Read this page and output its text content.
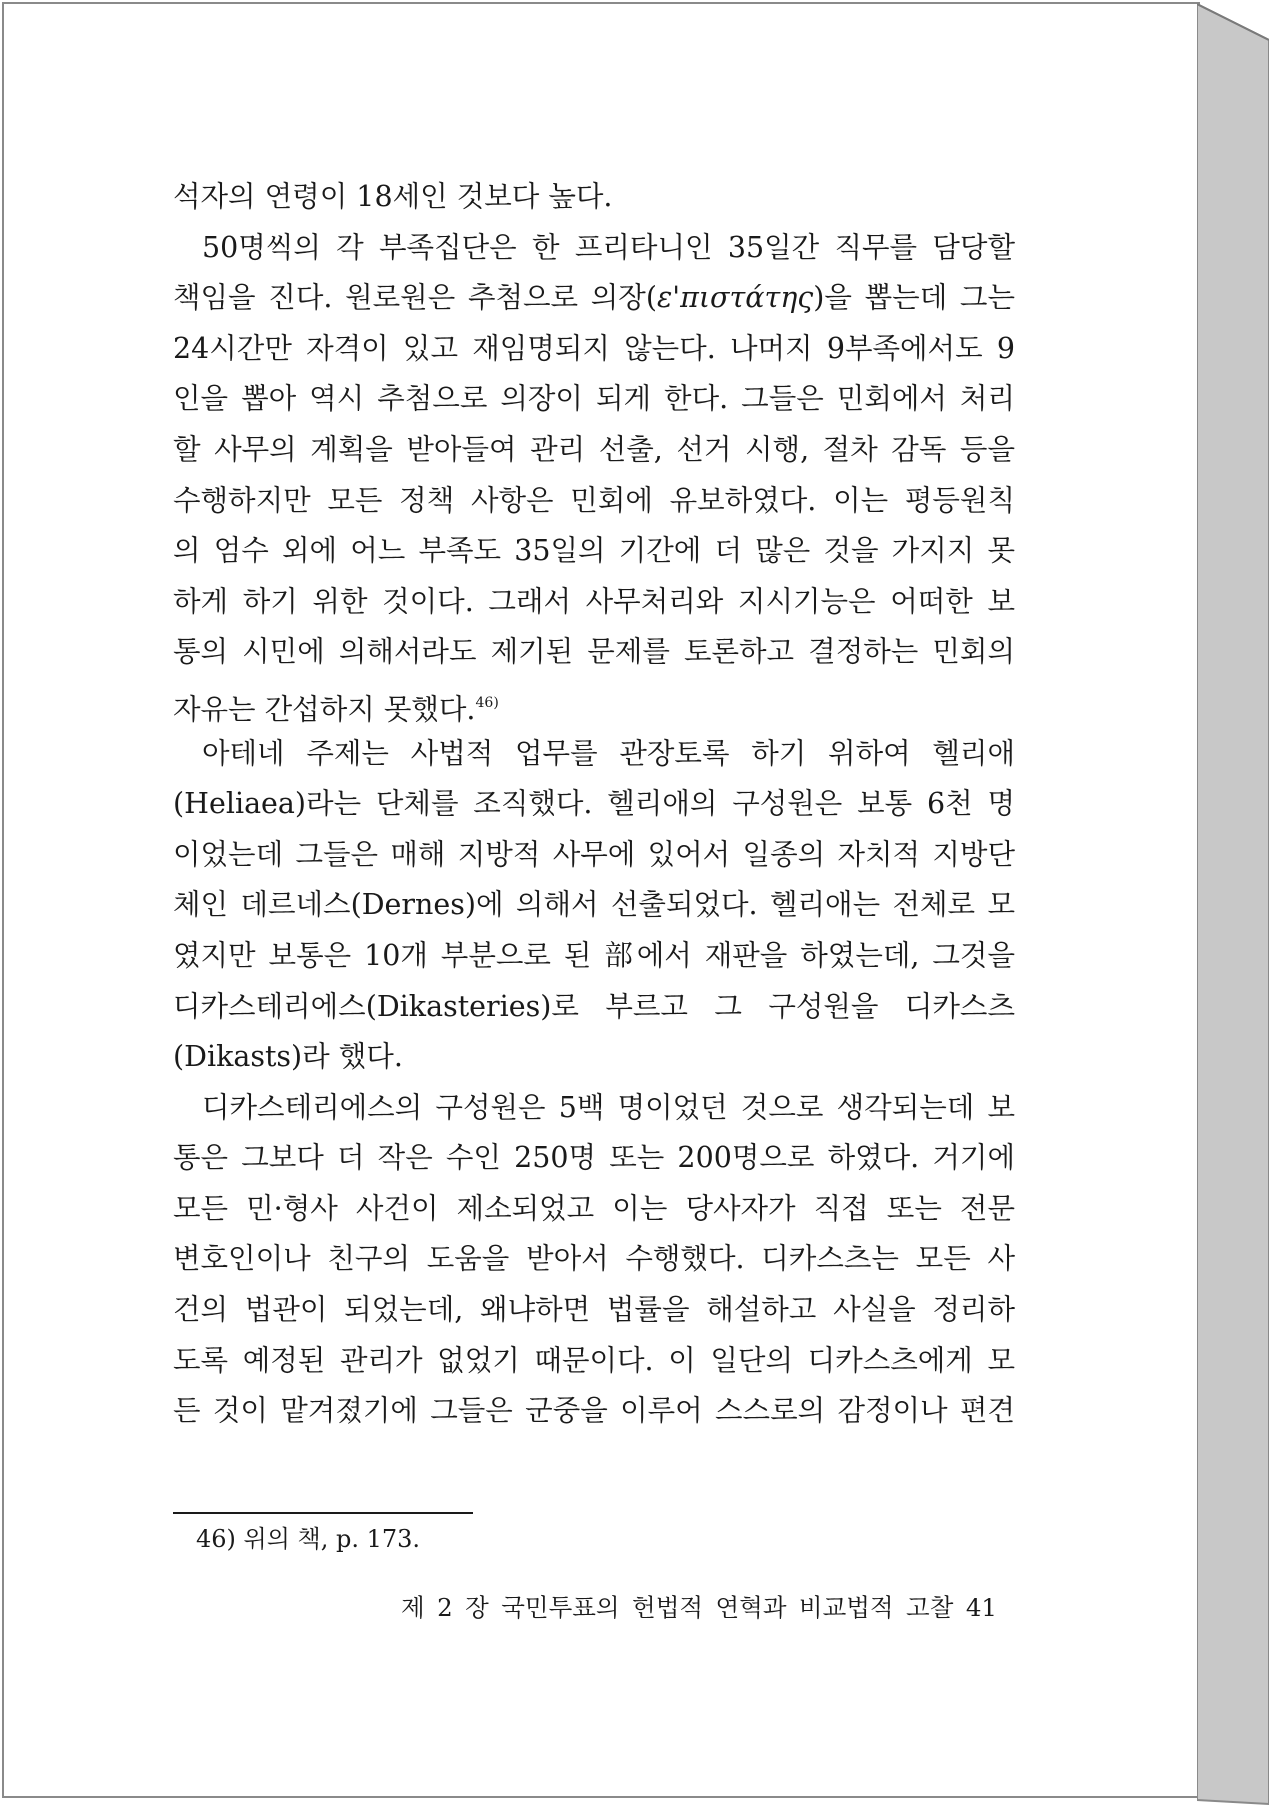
석자의 연령이 18세인 것보다 높다.
50명씩의 각 부족집단은 한 프리타니인 35일간 직무를 담당할
책임을 진다. 원로원은 추첨으로 의장(ε'πιστάτης)을 뽑는데 그는
24시간만 자격이 있고 재임명되지 않는다. 나머지 9부족에서도 9
인을 뽑아 역시 추첨으로 의장이 되게 한다. 그들은 민회에서 처리
할 사무의 계획을 받아들여 관리 선출, 선거 시행, 절차 감독 등을
수행하지만 모든 정책 사항은 민회에 유보하였다. 이는 평등원칙
의 엄수 외에 어느 부족도 35일의 기간에 더 많은 것을 가지지 못
하게 하기 위한 것이다. 그래서 사무처리와 지시기능은 어떠한 보
통의 시민에 의해서라도 제기된 문제를 토론하고 결정하는 민회의
자유는 간섭하지 못했다.$^{46)}$
아테네 주제는 사법적 업무를 관장토록 하기 위하여 헬리애
(Heliaea)라는 단체를 조직했다. 헬리애의 구성원은 보통 6천 명
이었는데 그들은 매해 지방적 사무에 있어서 일종의 자치적 지방단
체인 데르네스(Dernes)에 의해서 선출되었다. 헬리애는 전체로 모
였지만 보통은 10개 부분으로 된 部에서 재판을 하였는데, 그것을
디카스테리에스(Dikasteries)로 부르고 그 구성원을 디카스츠
(Dikasts)라 했다.
디카스테리에스의 구성원은 5백 명이었던 것으로 생각되는데 보
통은 그보다 더 작은 수인 250명 또는 200명으로 하였다. 거기에
모든 민·형사 사건이 제소되었고 이는 당사자가 직접 또는 전문
변호인이나 친구의 도움을 받아서 수행했다. 디카스츠는 모든 사
건의 법관이 되었는데, 왜냐하면 법률을 해설하고 사실을 정리하
도록 예정된 관리가 없었기 때문이다. 이 일단의 디카스츠에게 모
든 것이 맡겨졌기에 그들은 군중을 이루어 스스로의 감정이나 편견
46) 위의 책, p. 173.
제 2 장 국민투표의 헌법적 연혁과 비교법적 고찰 41
